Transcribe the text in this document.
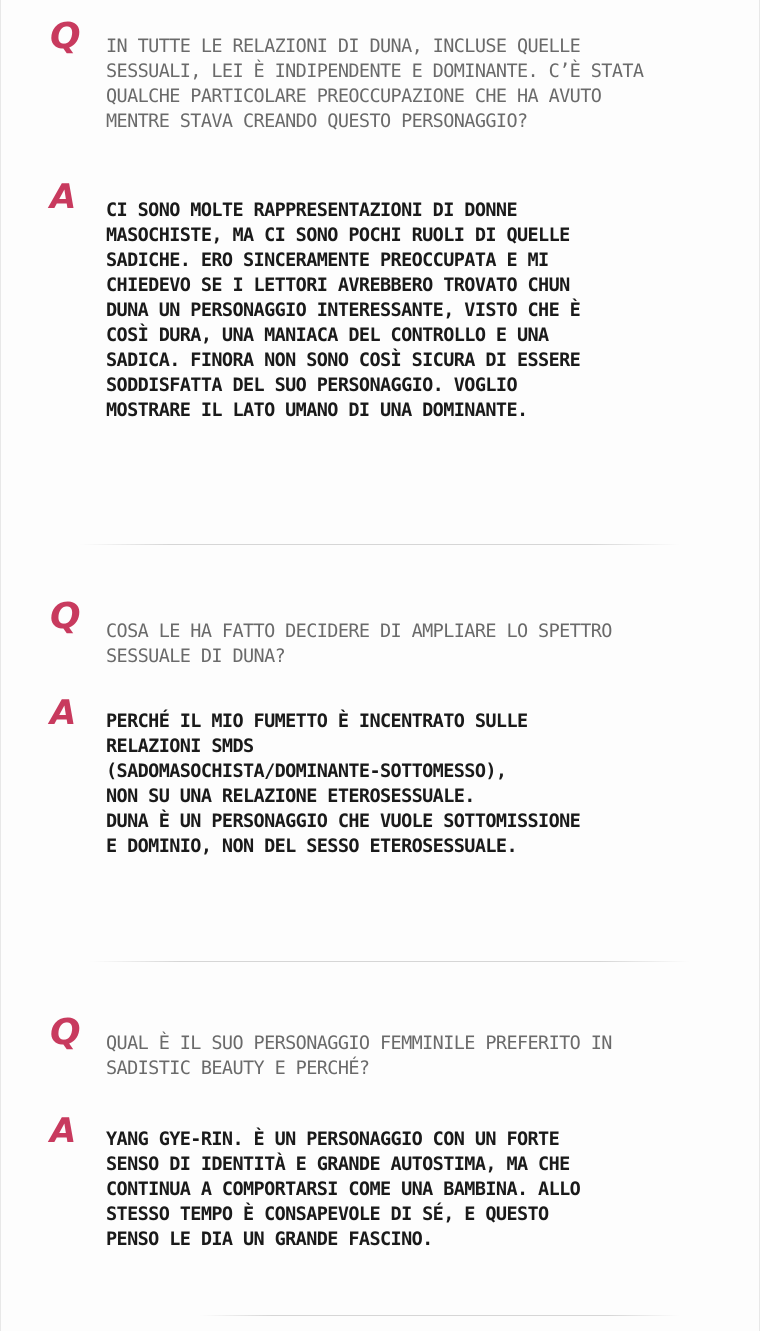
Q IN TUTTE LE RELAZIONI DI DUNA, INCLUSE QUELLE
SESSUALI, LEI È INDIPENDENTE E DOMINANTE. C’È STATA
QUALCHE PARTICOLARE PREOCCUPAZIONE CHE HA AVUTO
MENTRE STAVA CREANDO QUESTO PERSONAGGIO?
A CI SONO MOLTE RAPPRESENTAZIONI DI DONNE
MASOCHISTE, MA CI SONO POCHI RUOLI DI QUELLE
SADICHE. ERO SINCERAMENTE PREOCCUPATA E MI
CHIEDEVO SE I LETTORI AVREBBERO TROVATO CHUN
DUNA UN PERSONAGGIO INTERESSANTE, VISTO CHE È
COSÌ DURA, UNA MANIACA DEL CONTROLLO E UNA
SADICA. FINORA NON SONO COSÌ SICURA DI ESSERE
SODDISFATTA DEL SUO PERSONAGGIO. VOGLIO
MOSTRARE IL LATO UMANO DI UNA DOMINANTE.
Q COSA LE HA FATTO DECIDERE DI AMPLIARE LO SPETTRO
SESSUALE DI DUNA?
A PERCHÉ IL MIO FUMETTO È INCENTRATO SULLE
RELAZIONI SMDS
(SADOMASOCHISTA/DOMINANTE-SOTTOMESSO),
NON SU UNA RELAZIONE ETEROSESSUALE.
DUNA È UN PERSONAGGIO CHE VUOLE SOTTOMISSIONE
E DOMINIO, NON DEL SESSO ETEROSESSUALE.
Q QUAL È IL SUO PERSONAGGIO FEMMINILE PREFERITO IN
SADISTIC BEAUTY E PERCHÉ?
A YANG GYE-RIN. È UN PERSONAGGIO CON UN FORTE
SENSO DI IDENTITÀ E GRANDE AUTOSTIMA, MA CHE
CONTINUA A COMPORTARSI COME UNA BAMBINA. ALLO
STESSO TEMPO È CONSAPEVOLE DI SÉ, E QUESTO
PENSO LE DIA UN GRANDE FASCINO.
